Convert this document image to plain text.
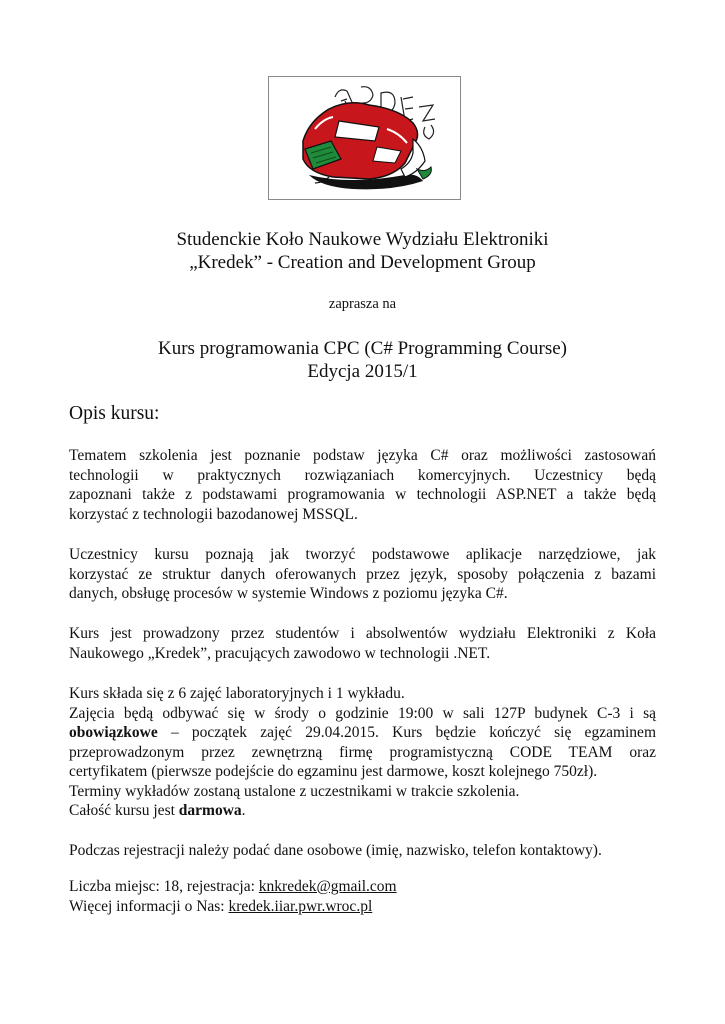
Studenckie Koło Naukowe Wydziału Elektroniki
„Kredek” - Creation and Development Group
zaprasza na
Kurs programowania CPC (C# Programming Course)
Edycja 2015/1
Opis kursu:
Tematem szkolenia jest poznanie podstaw języka C# oraz możliwości zastosowań
technologii w praktycznych rozwiązaniach komercyjnych. Uczestnicy będą
zapoznani także z podstawami programowania w technologii ASP.NET a także będą
korzystać z technologii bazodanowej MSSQL.
Uczestnicy kursu poznają jak tworzyć podstawowe aplikacje narzędziowe, jak
korzystać ze struktur danych oferowanych przez język, sposoby połączenia z bazami
danych, obsługę procesów w systemie Windows z poziomu języka C#.
Kurs jest prowadzony przez studentów i absolwentów wydziału Elektroniki z Koła
Naukowego „Kredek”, pracujących zawodowo w technologii .NET.
Kurs składa się z 6 zajęć laboratoryjnych i 1 wykładu.
Zajęcia będą odbywać się w środy o godzinie 19:00 w sali 127P budynek C-3 i są
obowiązkowe – początek zajęć 29.04.2015. Kurs będzie kończyć się egzaminem
przeprowadzonym przez zewnętrzną firmę programistyczną CODE TEAM oraz
certyfikatem (pierwsze podejście do egzaminu jest darmowe, koszt kolejnego 750zł).
Terminy wykładów zostaną ustalone z uczestnikami w trakcie szkolenia.
Całość kursu jest darmowa.
Podczas rejestracji należy podać dane osobowe (imię, nazwisko, telefon kontaktowy).
Liczba miejsc: 18, rejestracja: knkredek@gmail.com
Więcej informacji o Nas: kredek.iiar.pwr.wroc.pl
